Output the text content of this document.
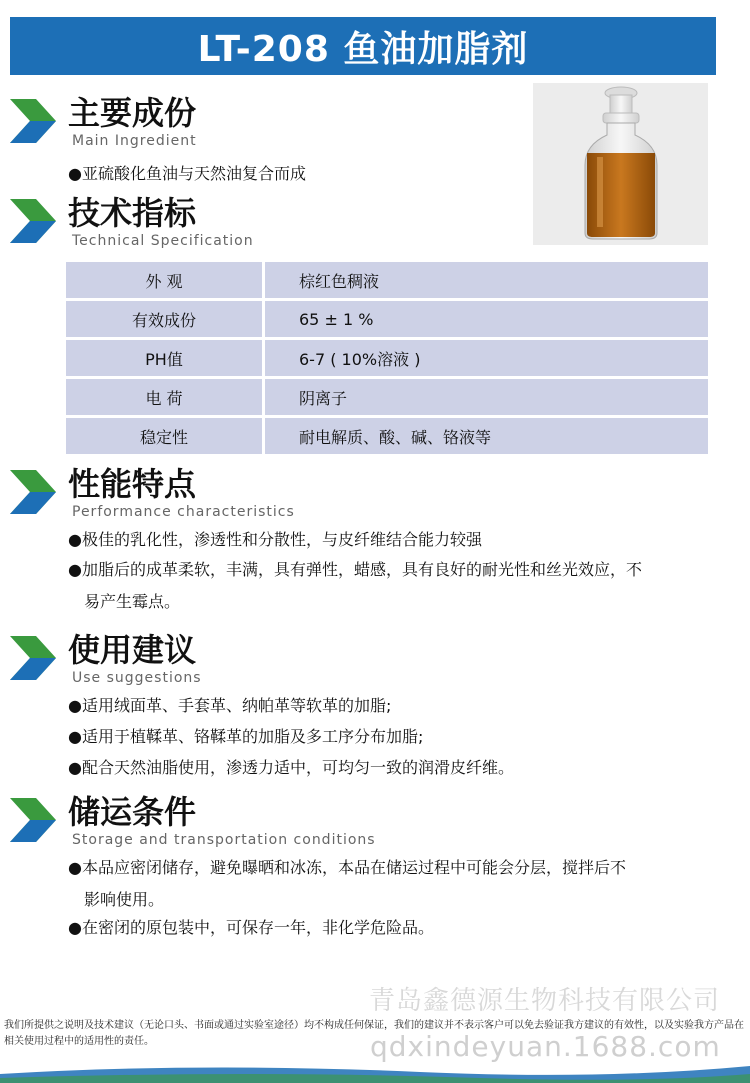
LT-208 鱼油加脂剂
主要成份
Main Ingredient
●亚硫酸化鱼油与天然油复合而成
技术指标
Technical Specification
外 观	棕红色稠液
有效成份	65 ± 1 %
PH值	6-7 ( 10%溶液 )
电 荷	阴离子
稳定性	耐电解质、酸、碱、铬液等
性能特点
Performance characteristics
●极佳的乳化性，渗透性和分散性，与皮纤维结合能力较强
●加脂后的成革柔软，丰满，具有弹性，蜡感，具有良好的耐光性和丝光效应，不
易产生霉点。
使用建议
Use suggestions
●适用绒面革、手套革、纳帕革等软革的加脂;
●适用于植鞣革、铬鞣革的加脂及多工序分布加脂;
●配合天然油脂使用，渗透力适中，可均匀一致的润滑皮纤维。
储运条件
Storage and transportation conditions
●本品应密闭储存，避免曝晒和冰冻，本品在储运过程中可能会分层，搅拌后不
影响使用。
●在密闭的原包装中，可保存一年，非化学危险品。
青岛鑫德源生物科技有限公司
我们所提供之说明及技术建议（无论口头、书面或通过实验室途径）均不构成任何保证，我们的建议并不表示客户可以免去验证我方建议的有效性，以及实验我方产品在相关使用过程中的适用性的责任。	qdxindeyuan.1688.com
